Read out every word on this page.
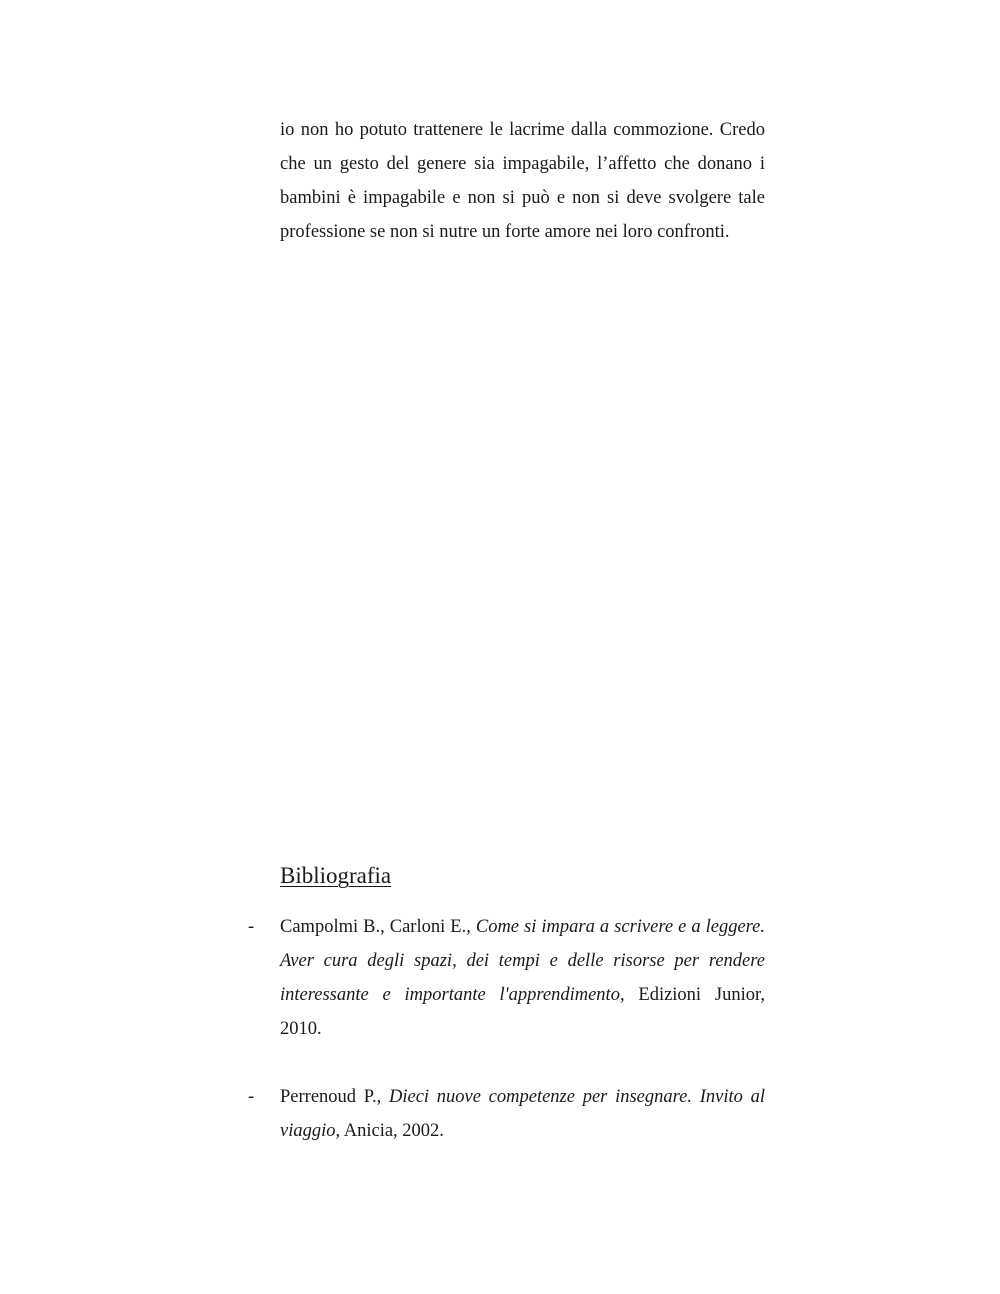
io non ho potuto trattenere le lacrime dalla commozione. Credo che un gesto del genere sia impagabile, l’affetto che donano i bambini è impagabile e non si può e non si deve svolgere tale professione se non si nutre un forte amore nei loro confronti.
Bibliografia
- Campolmi B., Carloni E., Come si impara a scrivere e a leggere. Aver cura degli spazi, dei tempi e delle risorse per rendere interessante e importante l'apprendimento, Edizioni Junior, 2010.
- Perrenoud P., Dieci nuove competenze per insegnare. Invito al viaggio, Anicia, 2002.
